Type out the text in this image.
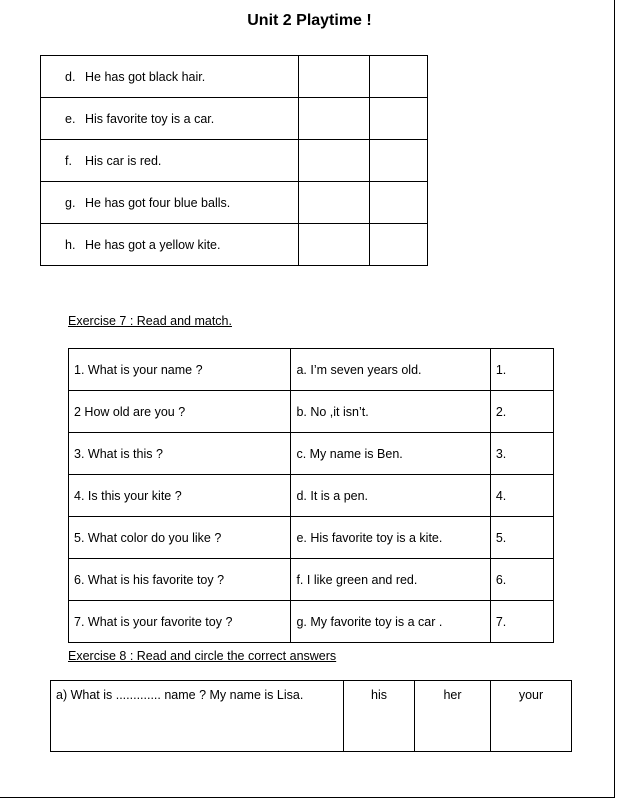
Unit 2 Playtime !
d. He has got black hair.		
e. His favorite toy is a car.		
f. His car is red.		
g. He has got four blue balls.		
h. He has got a yellow kite.		
Exercise 7 : Read and match.
1. What is your name ?	a. I’m seven years old.	1.
2 How old are you ?	b. No ,it isn’t.	2.
3. What is this ?	c. My name is Ben.	3.
4. Is this your kite ?	d. It is a pen.	4.
5. What color do you like ?	e. His favorite toy is a kite.	5.
6. What is his favorite toy ?	f. I like green and red.	6.
7. What is your favorite toy ?	g. My favorite toy is a car .	7.
Exercise 8 : Read and circle the correct answers
a) What is ............. name ? My name is Lisa.	his	her	your
